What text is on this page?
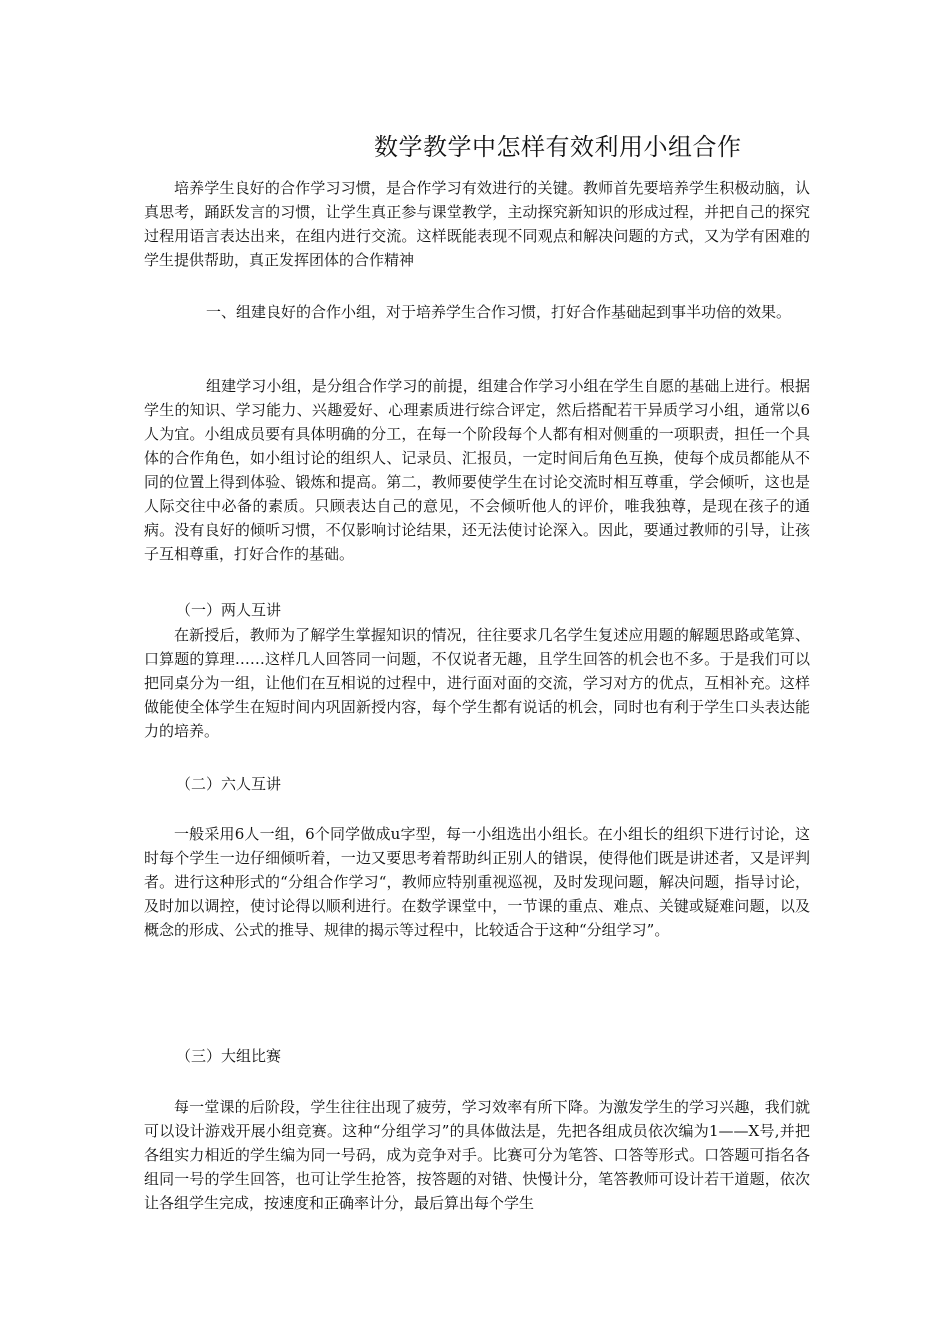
数学教学中怎样有效利用小组合作

培养学生良好的合作学习习惯，是合作学习有效进行的关键。教师首先要培养学生积极动脑，认真思考，踊跃发言的习惯，让学生真正参与课堂教学，主动探究新知识的形成过程，并把自己的探究过程用语言表达出来，在组内进行交流。这样既能表现不同观点和解决问题的方式，又为学有困难的学生提供帮助，真正发挥团体的合作精神

一、组建良好的合作小组，对于培养学生合作习惯，打好合作基础起到事半功倍的效果。

组建学习小组，是分组合作学习的前提，组建合作学习小组在学生自愿的基础上进行。根据学生的知识、学习能力、兴趣爱好、心理素质进行综合评定，然后搭配若干异质学习小组，通常以6人为宜。小组成员要有具体明确的分工，在每一个阶段每个人都有相对侧重的一项职责，担任一个具体的合作角色，如小组讨论的组织人、记录员、汇报员，一定时间后角色互换，使每个成员都能从不同的位置上得到体验、锻炼和提高。第二，教师要使学生在讨论交流时相互尊重，学会倾听，这也是人际交往中必备的素质。只顾表达自己的意见，不会倾听他人的评价，唯我独尊，是现在孩子的通病。没有良好的倾听习惯，不仅影响讨论结果，还无法使讨论深入。因此，要通过教师的引导，让孩子互相尊重，打好合作的基础。

（一）两人互讲

在新授后，教师为了解学生掌握知识的情况，往往要求几名学生复述应用题的解题思路或笔算、口算题的算理……这样几人回答同一问题，不仅说者无趣，且学生回答的机会也不多。于是我们可以把同桌分为一组，让他们在互相说的过程中，进行面对面的交流，学习对方的优点，互相补充。这样做能使全体学生在短时间内巩固新授内容，每个学生都有说话的机会，同时也有利于学生口头表达能力的培养。

（二）六人互讲

一般采用6人一组，6个同学做成u字型，每一小组选出小组长。在小组长的组织下进行讨论，这时每个学生一边仔细倾听着，一边又要思考着帮助纠正别人的错误，使得他们既是讲述者，又是评判者。进行这种形式的“分组合作学习“，教师应特别重视巡视，及时发现问题，解决问题，指导讨论，及时加以调控，使讨论得以顺利进行。在数学课堂中，一节课的重点、难点、关键或疑难问题，以及概念的形成、公式的推导、规律的揭示等过程中，比较适合于这种“分组学习”。

（三）大组比赛

每一堂课的后阶段，学生往往出现了疲劳，学习效率有所下降。为激发学生的学习兴趣，我们就可以设计游戏开展小组竞赛。这种“分组学习”的具体做法是，先把各组成员依次编为1——X号,并把各组实力相近的学生编为同一号码，成为竞争对手。比赛可分为笔答、口答等形式。口答题可指名各组同一号的学生回答，也可让学生抢答，按答题的对错、快慢计分，笔答教师可设计若干道题，依次让各组学生完成，按速度和正确率计分，最后算出每个学生
